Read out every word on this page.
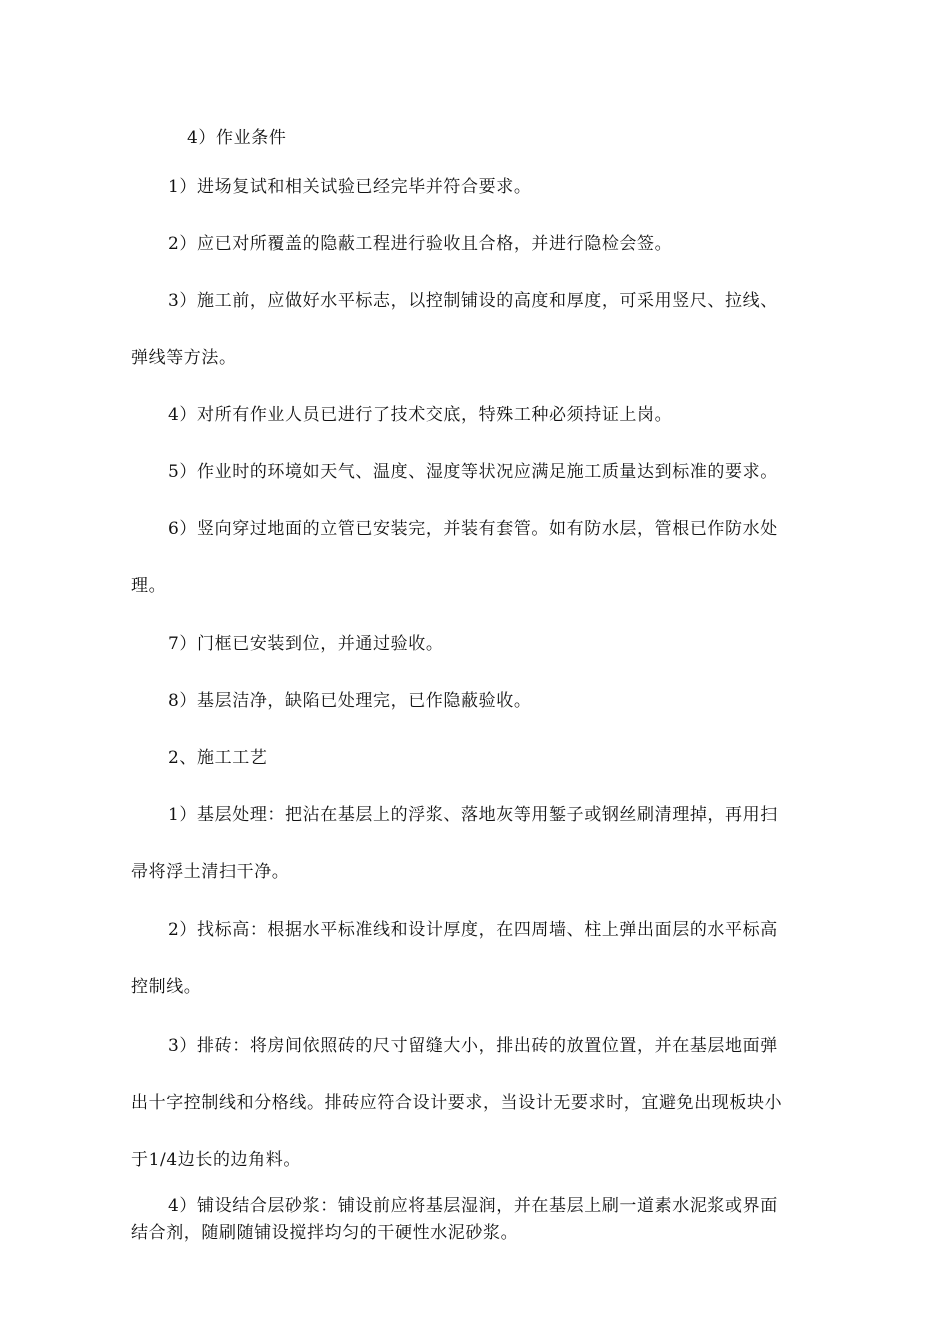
4）作业条件

1）进场复试和相关试验已经完毕并符合要求。

2）应已对所覆盖的隐蔽工程进行验收且合格，并进行隐检会签。

3）施工前，应做好水平标志，以控制铺设的高度和厚度，可采用竖尺、拉线、
弹线等方法。

4）对所有作业人员已进行了技术交底，特殊工种必须持证上岗。

5）作业时的环境如天气、温度、湿度等状况应满足施工质量达到标准的要求。

6）竖向穿过地面的立管已安装完，并装有套管。如有防水层，管根已作防水处
理。

7）门框已安装到位，并通过验收。

8）基层洁净，缺陷已处理完，已作隐蔽验收。

2、施工工艺

1）基层处理：把沾在基层上的浮浆、落地灰等用錾子或钢丝刷清理掉，再用扫
帚将浮土清扫干净。

2）找标高：根据水平标准线和设计厚度，在四周墙、柱上弹出面层的水平标高
控制线。

3）排砖：将房间依照砖的尺寸留缝大小，排出砖的放置位置，并在基层地面弹
出十字控制线和分格线。排砖应符合设计要求，当设计无要求时，宜避免出现板块小
于1/4边长的边角料。

4）铺设结合层砂浆：铺设前应将基层湿润，并在基层上刷一道素水泥浆或界面
结合剂，随刷随铺设搅拌均匀的干硬性水泥砂浆。
